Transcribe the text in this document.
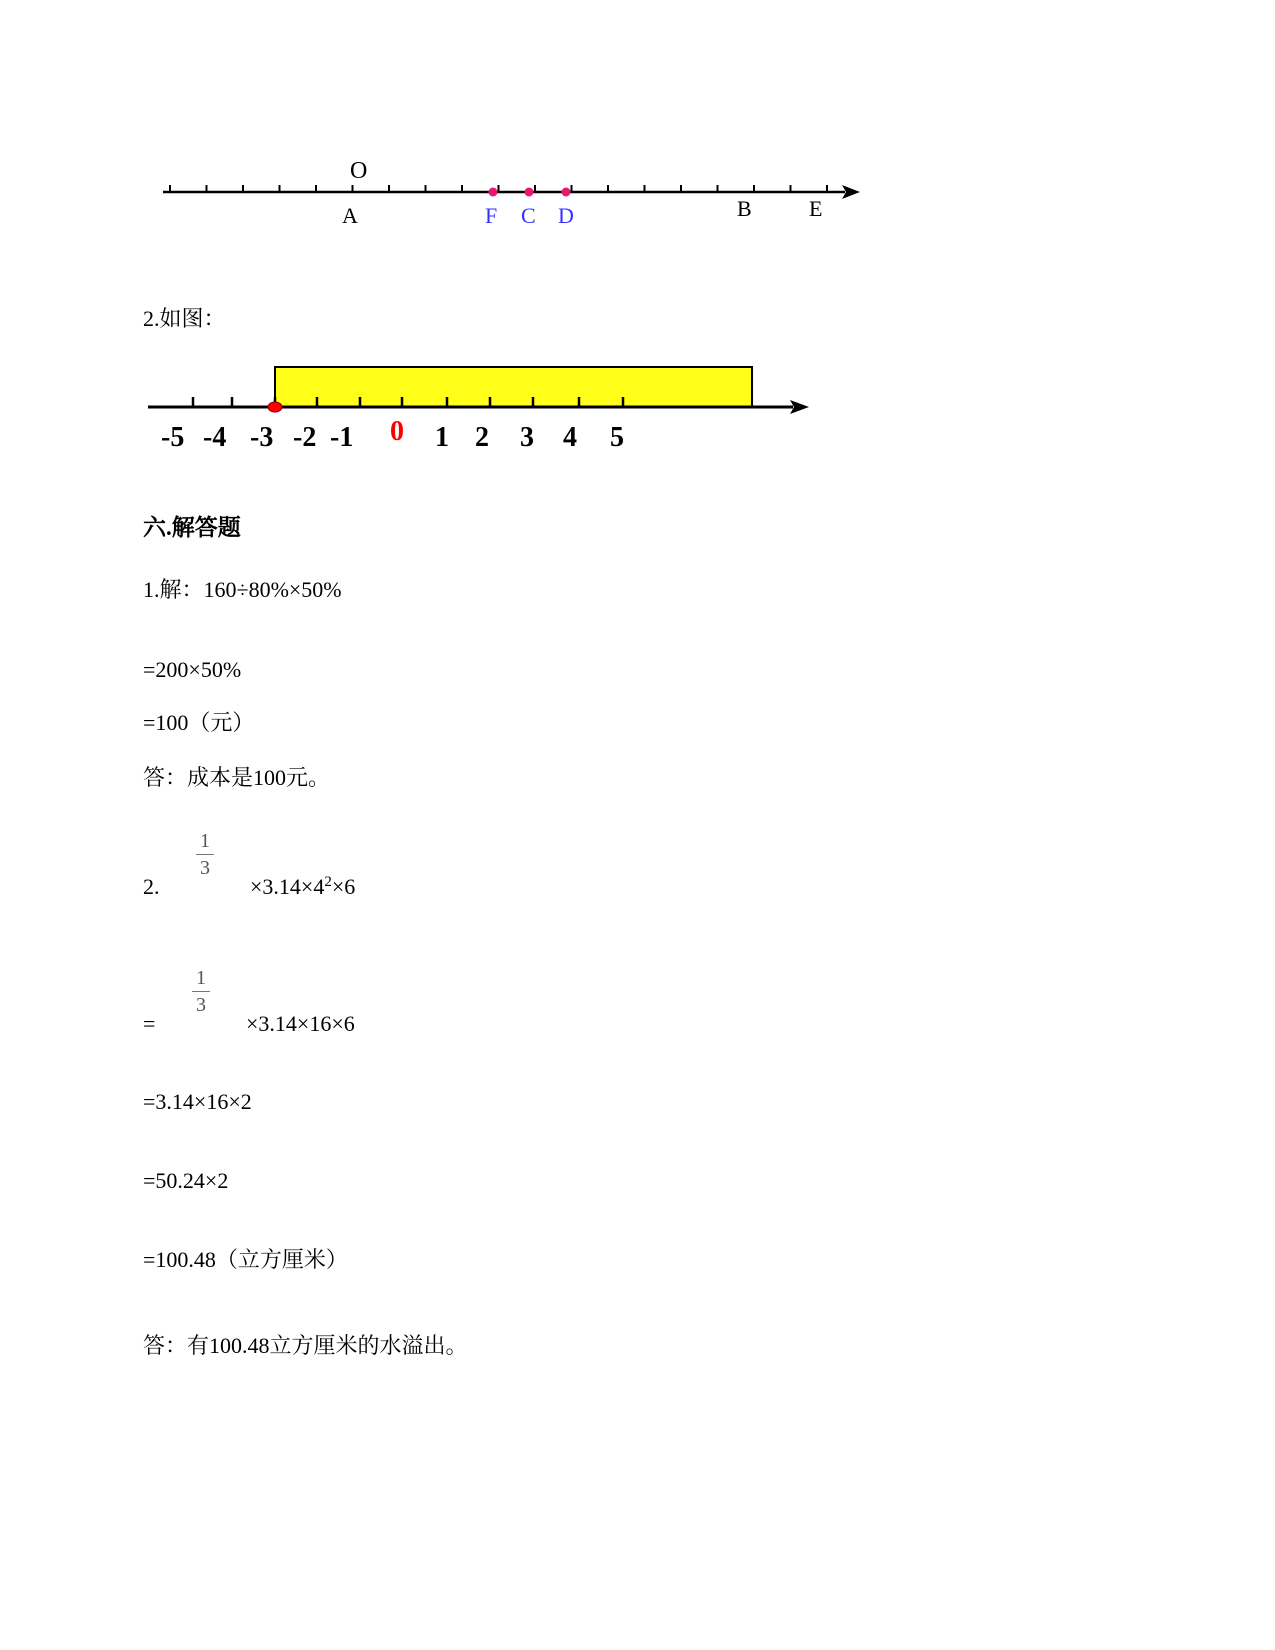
O
A	F C D	B	E
2.如图：
-5 -4 -3 -2 -1 0 1 2 3 4 5
六.解答题
1.解：160÷80%×50%
=200×50%
=100（元）
答：成本是100元。
2.
1
3
$\times 3.14\times 4^2\times 6$
=
1
3
×3.14×16×6
=3.14×16×2
=50.24×2
=100.48（立方厘米）
答：有100.48立方厘米的水溢出。
